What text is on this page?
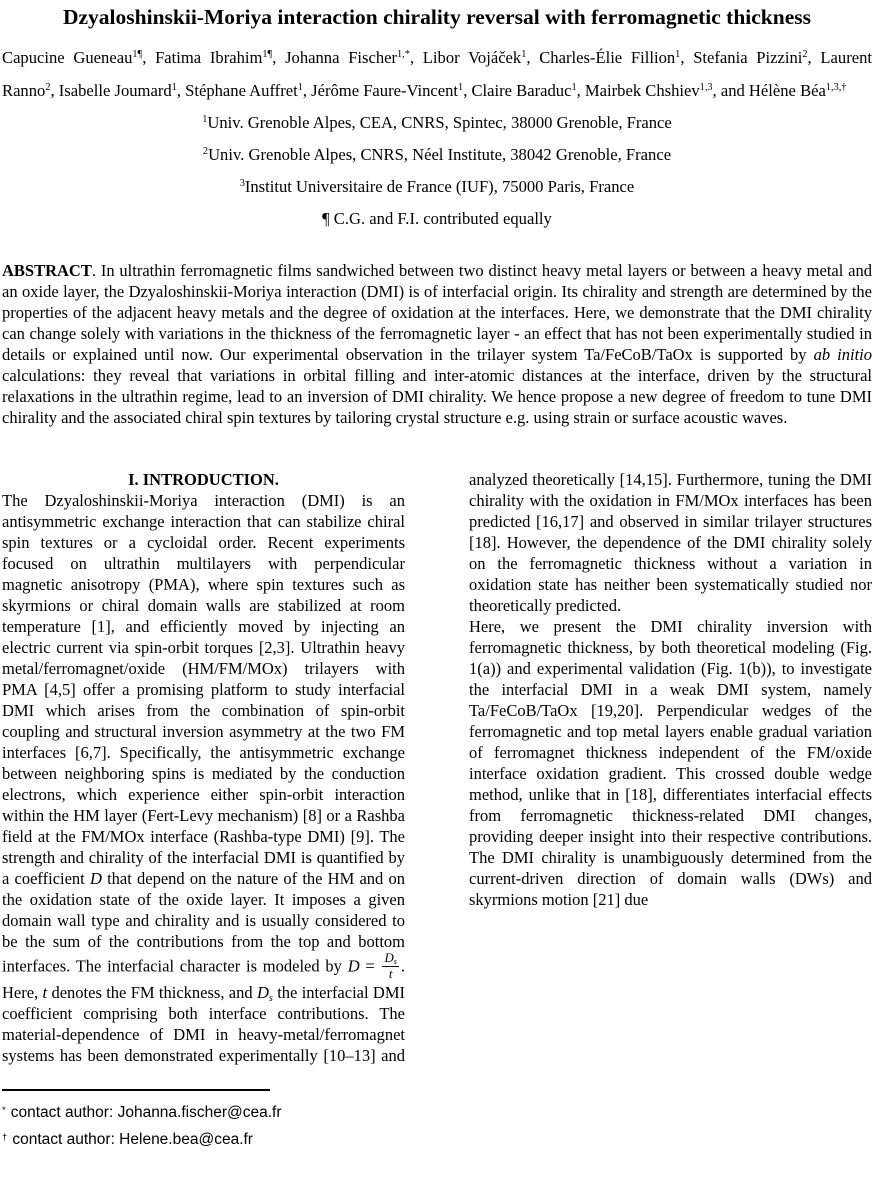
Dzyaloshinskii-Moriya interaction chirality reversal with ferromagnetic thickness

Capucine Gueneau$^{1\P}$, Fatima Ibrahim$^{1\P}$, Johanna Fischer$^{1,*}$, Libor Vojáček$^1$, Charles-Élie Fillion$^1$, Stefania Pizzini$^2$, Laurent Ranno$^2$, Isabelle Joumard$^1$, Stéphane Auffret$^1$, Jérôme Faure-Vincent$^1$, Claire Baraduc$^1$, Mairbek Chshiev$^{1,3}$, and Hélène Béa$^{1,3,\dagger}$

$^1$Univ. Grenoble Alpes, CEA, CNRS, Spintec, 38000 Grenoble, France

$^2$Univ. Grenoble Alpes, CNRS, Néel Institute, 38042 Grenoble, France

$^3$Institut Universitaire de France (IUF), 75000 Paris, France

¶ C.G. and F.I. contributed equally

ABSTRACT. In ultrathin ferromagnetic films sandwiched between two distinct heavy metal layers or between a heavy metal and an oxide layer, the Dzyaloshinskii-Moriya interaction (DMI) is of interfacial origin. Its chirality and strength are determined by the properties of the adjacent heavy metals and the degree of oxidation at the interfaces. Here, we demonstrate that the DMI chirality can change solely with variations in the thickness of the ferromagnetic layer - an effect that has not been experimentally studied in details or explained until now. Our experimental observation in the trilayer system Ta/FeCoB/TaOx is supported by ab initio calculations: they reveal that variations in orbital filling and inter-atomic distances at the interface, driven by the structural relaxations in the ultrathin regime, lead to an inversion of DMI chirality. We hence propose a new degree of freedom to tune DMI chirality and the associated chiral spin textures by tailoring crystal structure e.g. using strain or surface acoustic waves.

I. INTRODUCTION.

The Dzyaloshinskii-Moriya interaction (DMI) is an antisymmetric exchange interaction that can stabilize chiral spin textures or a cycloidal order. Recent experiments focused on ultrathin multilayers with perpendicular magnetic anisotropy (PMA), where spin textures such as skyrmions or chiral domain walls are stabilized at room temperature [1], and efficiently moved by injecting an electric current via spin-orbit torques [2,3]. Ultrathin heavy metal/ferromagnet/oxide (HM/FM/MOx) trilayers with PMA [4,5] offer a promising platform to study interfacial DMI which arises from the combination of spin-orbit coupling and structural inversion asymmetry at the two FM interfaces [6,7]. Specifically, the antisymmetric exchange between neighboring spins is mediated by the conduction electrons, which experience either spin-orbit interaction within the HM layer (Fert-Levy mechanism) [8] or a Rashba field at the FM/MOx interface (Rashba-type DMI) [9]. The strength and chirality of the interfacial DMI is quantified by a coefficient D that depend on the nature of the HM and on the oxidation state of the oxide layer. It imposes a given domain wall type and chirality and is usually considered to be the sum of the contributions from the top and bottom interfaces. The interfacial character is modeled by $D = \frac{D_s}{t}$ . Here, t denotes the FM thickness, and $D_s$ the interfacial DMI coefficient comprising both interface contributions. The material-dependence of DMI in heavy-metal/ferromagnet systems has been demonstrated experimentally [10–13] and analyzed theoretically [14,15]. Furthermore, tuning the DMI chirality with the oxidation in FM/MOx interfaces has been predicted [16,17] and observed in similar trilayer structures [18]. However, the dependence of the DMI chirality solely on the ferromagnetic thickness without a variation in oxidation state has neither been systematically studied nor theoretically predicted.

Here, we present the DMI chirality inversion with ferromagnetic thickness, by both theoretical modeling (Fig. 1(a)) and experimental validation (Fig. 1(b)), to investigate the interfacial DMI in a weak DMI system, namely Ta/FeCoB/TaOx [19,20]. Perpendicular wedges of the ferromagnetic and top metal layers enable gradual variation of ferromagnet thickness independent of the FM/oxide interface oxidation gradient. This crossed double wedge method, unlike that in [18], differentiates interfacial effects from ferromagnetic thickness-related DMI changes, providing deeper insight into their respective contributions. The DMI chirality is unambiguously determined from the current-driven direction of domain walls (DWs) and skyrmions motion [21] due

* contact author: Johanna.fischer@cea.fr

† contact author: Helene.bea@cea.fr
